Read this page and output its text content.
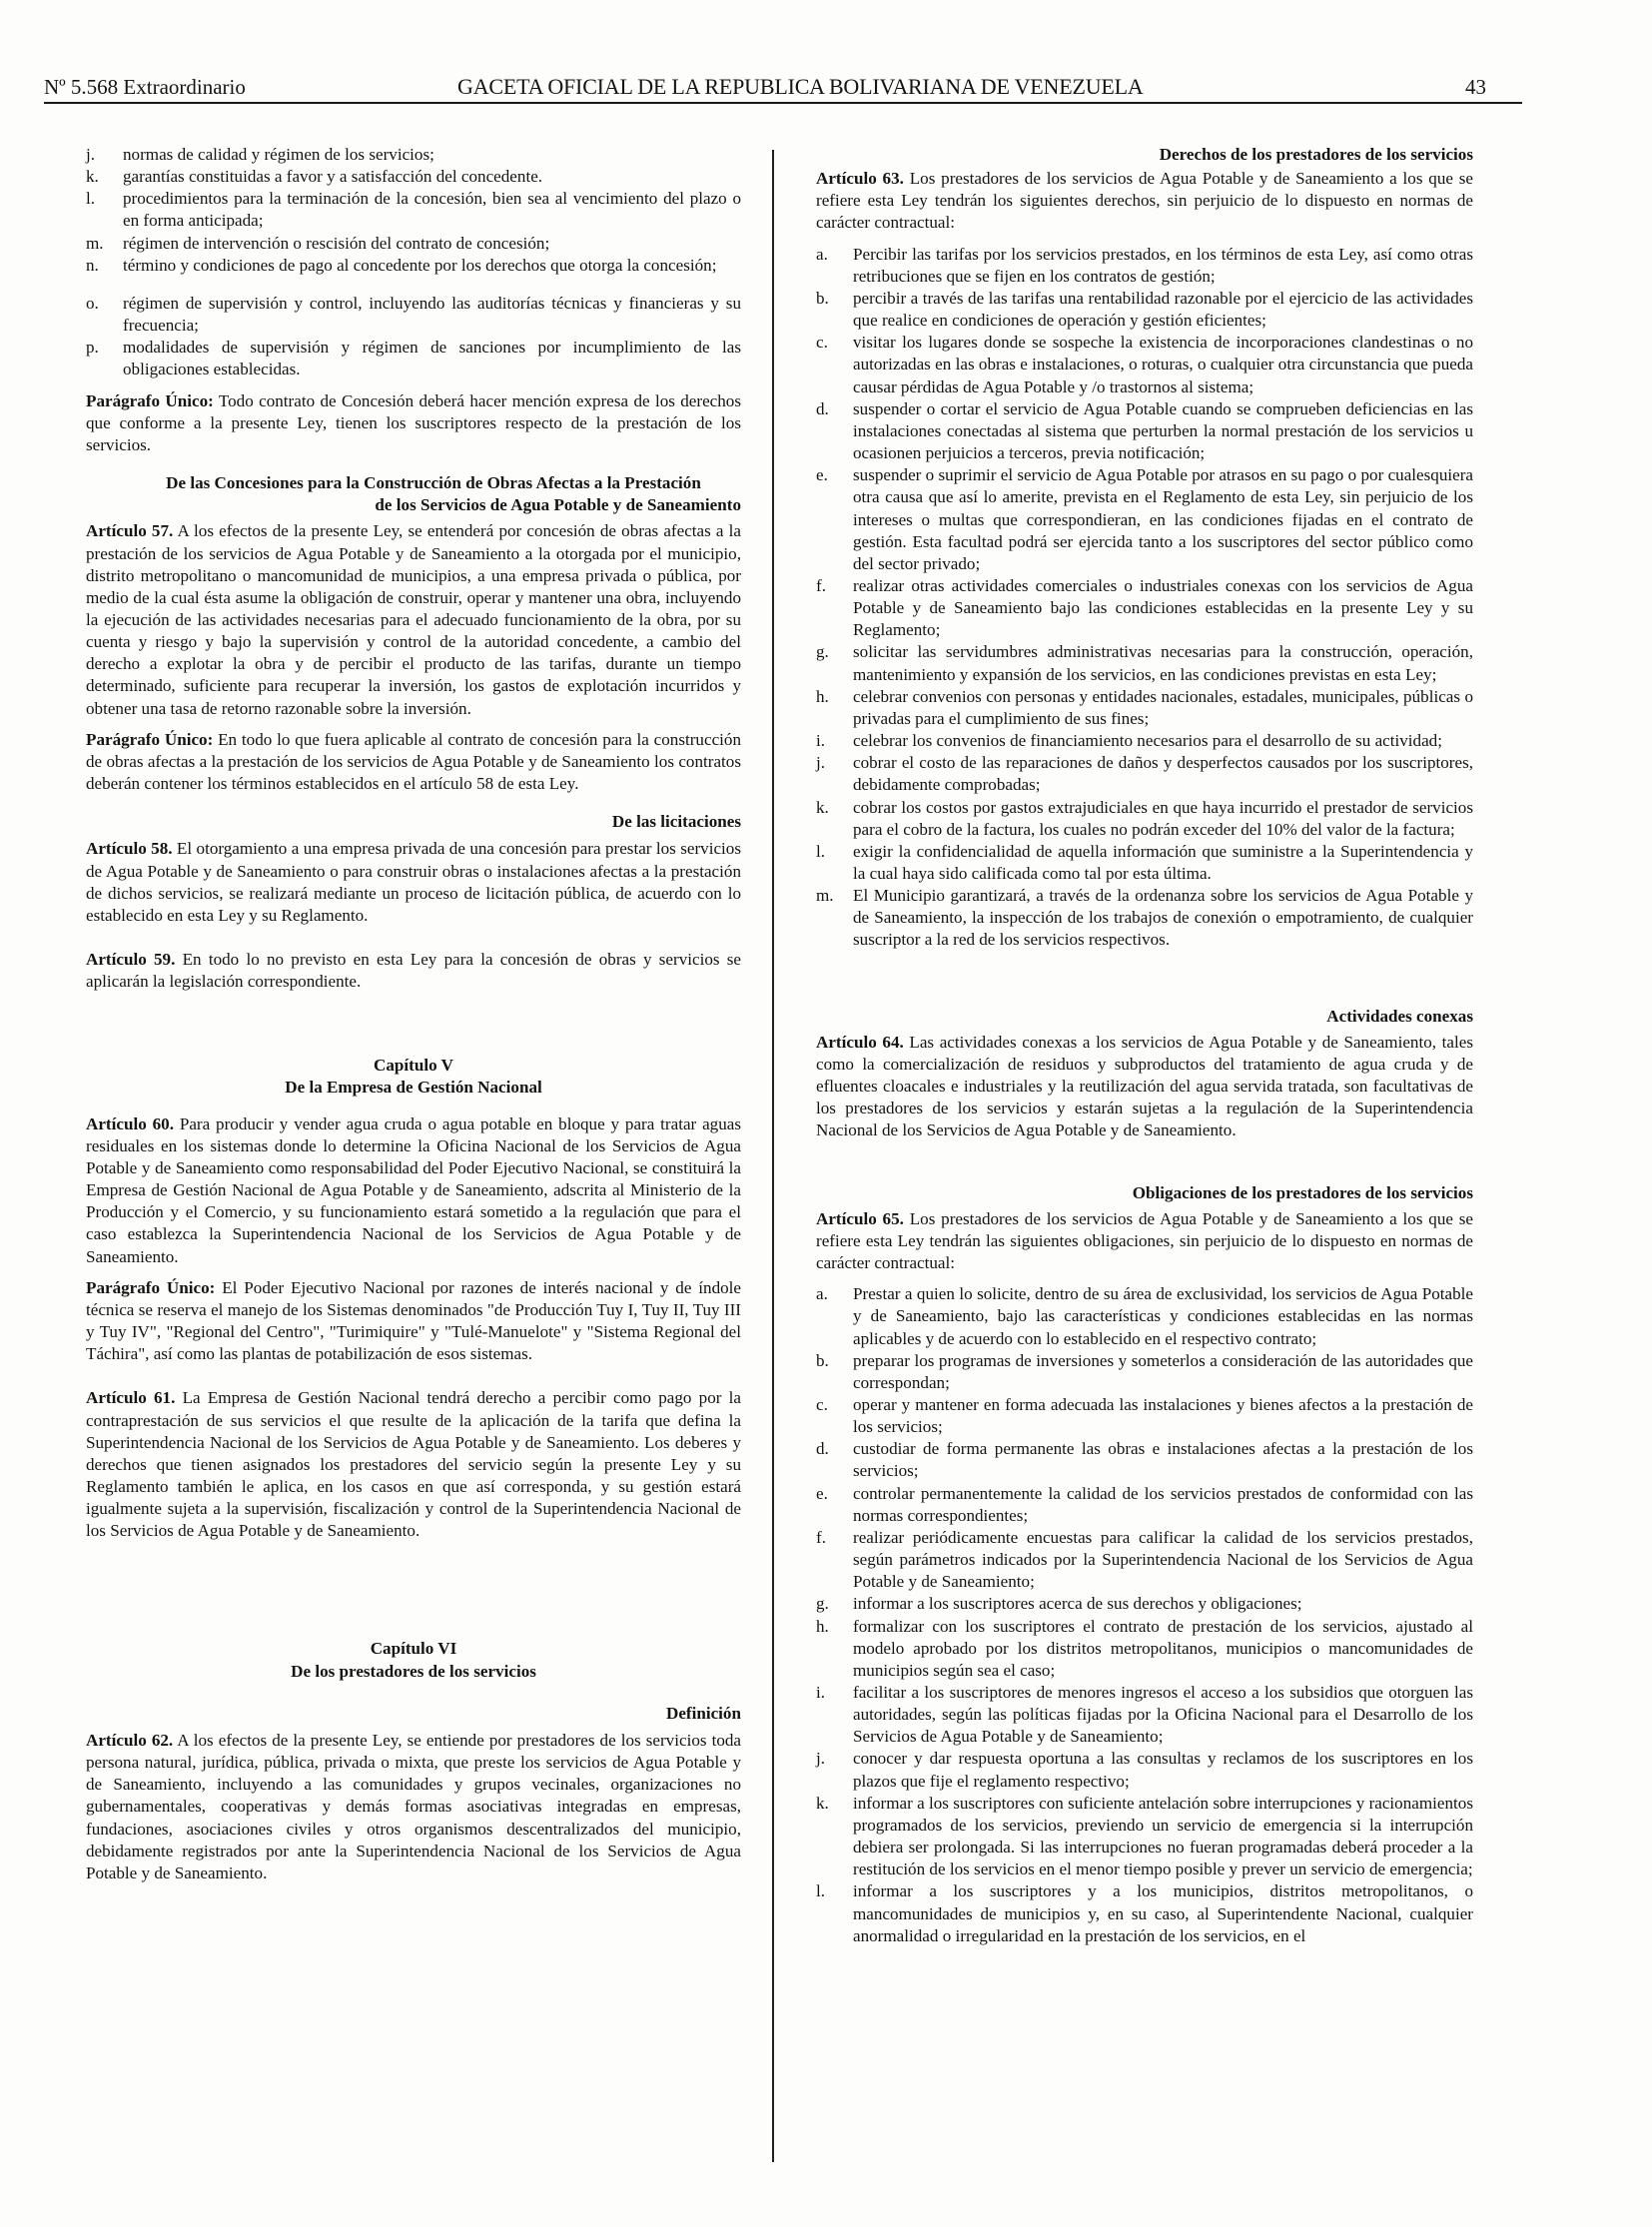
Nº 5.568 Extraordinario	GACETA OFICIAL DE LA REPUBLICA BOLIVARIANA DE VENEZUELA	43
j.	normas de calidad y régimen de los servicios;
k.	garantías constituidas a favor y a satisfacción del concedente.
l.	procedimientos para la terminación de la concesión, bien sea al vencimiento del plazo o en forma anticipada;
m.	régimen de intervención o rescisión del contrato de concesión;
n.	término y condiciones de pago al concedente por los derechos que otorga la concesión;
o.	régimen de supervisión y control, incluyendo las auditorías técnicas y financieras y su frecuencia;
p.	modalidades de supervisión y régimen de sanciones por incumplimiento de las obligaciones establecidas.

Parágrafo Único: Todo contrato de Concesión deberá hacer mención expresa de los derechos que conforme a la presente Ley, tienen los suscriptores respecto de la prestación de los servicios.

De las Concesiones para la Construcción de Obras Afectas a la Prestación
de los Servicios de Agua Potable y de Saneamiento

Artículo 57. A los efectos de la presente Ley, se entenderá por concesión de obras afectas a la prestación de los servicios de Agua Potable y de Saneamiento a la otorgada por el municipio, distrito metropolitano o mancomunidad de municipios, a una empresa privada o pública, por medio de la cual ésta asume la obligación de construir, operar y mantener una obra, incluyendo la ejecución de las actividades necesarias para el adecuado funcionamiento de la obra, por su cuenta y riesgo y bajo la supervisión y control de la autoridad concedente, a cambio del derecho a explotar la obra y de percibir el producto de las tarifas, durante un tiempo determinado, suficiente para recuperar la inversión, los gastos de explotación incurridos y obtener una tasa de retorno razonable sobre la inversión.

Parágrafo Único: En todo lo que fuera aplicable al contrato de concesión para la construcción de obras afectas a la prestación de los servicios de Agua Potable y de Saneamiento los contratos deberán contener los términos establecidos en el artículo 58 de esta Ley.

De las licitaciones

Artículo 58. El otorgamiento a una empresa privada de una concesión para prestar los servicios de Agua Potable y de Saneamiento o para construir obras o instalaciones afectas a la prestación de dichos servicios, se realizará mediante un proceso de licitación pública, de acuerdo con lo establecido en esta Ley y su Reglamento.

Artículo 59. En todo lo no previsto en esta Ley para la concesión de obras y servicios se aplicarán la legislación correspondiente.

Capítulo V
De la Empresa de Gestión Nacional

Artículo 60. Para producir y vender agua cruda o agua potable en bloque y para tratar aguas residuales en los sistemas donde lo determine la Oficina Nacional de los Servicios de Agua Potable y de Saneamiento como responsabilidad del Poder Ejecutivo Nacional, se constituirá la Empresa de Gestión Nacional de Agua Potable y de Saneamiento, adscrita al Ministerio de la Producción y el Comercio, y su funcionamiento estará sometido a la regulación que para el caso establezca la Superintendencia Nacional de los Servicios de Agua Potable y de Saneamiento.

Parágrafo Único: El Poder Ejecutivo Nacional por razones de interés nacional y de índole técnica se reserva el manejo de los Sistemas denominados "de Producción Tuy I, Tuy II, Tuy III y Tuy IV", "Regional del Centro", "Turimiquire" y "Tulé-Manuelote" y "Sistema Regional del Táchira", así como las plantas de potabilización de esos sistemas.

Artículo 61. La Empresa de Gestión Nacional tendrá derecho a percibir como pago por la contraprestación de sus servicios el que resulte de la aplicación de la tarifa que defina la Superintendencia Nacional de los Servicios de Agua Potable y de Saneamiento. Los deberes y derechos que tienen asignados los prestadores del servicio según la presente Ley y su Reglamento también le aplica, en los casos en que así corresponda, y su gestión estará igualmente sujeta a la supervisión, fiscalización y control de la Superintendencia Nacional de los Servicios de Agua Potable y de Saneamiento.

Capítulo VI
De los prestadores de los servicios
Definición

Artículo 62. A los efectos de la presente Ley, se entiende por prestadores de los servicios toda persona natural, jurídica, pública, privada o mixta, que preste los servicios de Agua Potable y de Saneamiento, incluyendo a las comunidades y grupos vecinales, organizaciones no gubernamentales, cooperativas y demás formas asociativas integradas en empresas, fundaciones, asociaciones civiles y otros organismos descentralizados del municipio, debidamente registrados por ante la Superintendencia Nacional de los Servicios de Agua Potable y de Saneamiento.

Derechos de los prestadores de los servicios

Artículo 63. Los prestadores de los servicios de Agua Potable y de Saneamiento a los que se refiere esta Ley tendrán los siguientes derechos, sin perjuicio de lo dispuesto en normas de carácter contractual:

a.	Percibir las tarifas por los servicios prestados, en los términos de esta Ley, así como otras retribuciones que se fijen en los contratos de gestión;
b.	percibir a través de las tarifas una rentabilidad razonable por el ejercicio de las actividades que realice en condiciones de operación y gestión eficientes;
c.	visitar los lugares donde se sospeche la existencia de incorporaciones clandestinas o no autorizadas en las obras e instalaciones, o roturas, o cualquier otra circunstancia que pueda causar pérdidas de Agua Potable y /o trastornos al sistema;
d.	suspender o cortar el servicio de Agua Potable cuando se comprueben deficiencias en las instalaciones conectadas al sistema que perturben la normal prestación de los servicios u ocasionen perjuicios a terceros, previa notificación;
e.	suspender o suprimir el servicio de Agua Potable por atrasos en su pago o por cualesquiera otra causa que así lo amerite, prevista en el Reglamento de esta Ley, sin perjuicio de los intereses o multas que correspondieran, en las condiciones fijadas en el contrato de gestión. Esta facultad podrá ser ejercida tanto a los suscriptores del sector público como del sector privado;
f.	realizar otras actividades comerciales o industriales conexas con los servicios de Agua Potable y de Saneamiento bajo las condiciones establecidas en la presente Ley y su Reglamento;
g.	solicitar las servidumbres administrativas necesarias para la construcción, operación, mantenimiento y expansión de los servicios, en las condiciones previstas en esta Ley;
h.	celebrar convenios con personas y entidades nacionales, estadales, municipales, públicas o privadas para el cumplimiento de sus fines;
i.	celebrar los convenios de financiamiento necesarios para el desarrollo de su actividad;
j.	cobrar el costo de las reparaciones de daños y desperfectos causados por los suscriptores, debidamente comprobadas;
k.	cobrar los costos por gastos extrajudiciales en que haya incurrido el prestador de servicios para el cobro de la factura, los cuales no podrán exceder del 10% del valor de la factura;
l.	exigir la confidencialidad de aquella información que suministre a la Superintendencia y la cual haya sido calificada como tal por esta última.
m.	El Municipio garantizará, a través de la ordenanza sobre los servicios de Agua Potable y de Saneamiento, la inspección de los trabajos de conexión o empotramiento, de cualquier suscriptor a la red de los servicios respectivos.
Actividades conexas

Artículo 64. Las actividades conexas a los servicios de Agua Potable y de Saneamiento, tales como la comercialización de residuos y subproductos del tratamiento de agua cruda y de efluentes cloacales e industriales y la reutilización del agua servida tratada, son facultativas de los prestadores de los servicios y estarán sujetas a la regulación de la Superintendencia Nacional de los Servicios de Agua Potable y de Saneamiento.

Obligaciones de los prestadores de los servicios

Artículo 65. Los prestadores de los servicios de Agua Potable y de Saneamiento a los que se refiere esta Ley tendrán las siguientes obligaciones, sin perjuicio de lo dispuesto en normas de carácter contractual:

a.	Prestar a quien lo solicite, dentro de su área de exclusividad, los servicios de Agua Potable y de Saneamiento, bajo las características y condiciones establecidas en las normas aplicables y de acuerdo con lo establecido en el respectivo contrato;
b.	preparar los programas de inversiones y someterlos a consideración de las autoridades que correspondan;
c.	operar y mantener en forma adecuada las instalaciones y bienes afectos a la prestación de los servicios;
d.	custodiar de forma permanente las obras e instalaciones afectas a la prestación de los servicios;
e.	controlar permanentemente la calidad de los servicios prestados de conformidad con las normas correspondientes;
f.	realizar periódicamente encuestas para calificar la calidad de los servicios prestados, según parámetros indicados por la Superintendencia Nacional de los Servicios de Agua Potable y de Saneamiento;
g.	informar a los suscriptores acerca de sus derechos y obligaciones;
h.	formalizar con los suscriptores el contrato de prestación de los servicios, ajustado al modelo aprobado por los distritos metropolitanos, municipios o mancomunidades de municipios según sea el caso;
i.	facilitar a los suscriptores de menores ingresos el acceso a los subsidios que otorguen las autoridades, según las políticas fijadas por la Oficina Nacional para el Desarrollo de los Servicios de Agua Potable y de Saneamiento;
j.	conocer y dar respuesta oportuna a las consultas y reclamos de los suscriptores en los plazos que fije el reglamento respectivo;
k.	informar a los suscriptores con suficiente antelación sobre interrupciones y racionamientos programados de los servicios, previendo un servicio de emergencia si la interrupción debiera ser prolongada. Si las interrupciones no fueran programadas deberá proceder a la restitución de los servicios en el menor tiempo posible y prever un servicio de emergencia;
l.	informar a los suscriptores y a los municipios, distritos metropolitanos, o mancomunidades de municipios y, en su caso, al Superintendente Nacional, cualquier anormalidad o irregularidad en la prestación de los servicios, en el
